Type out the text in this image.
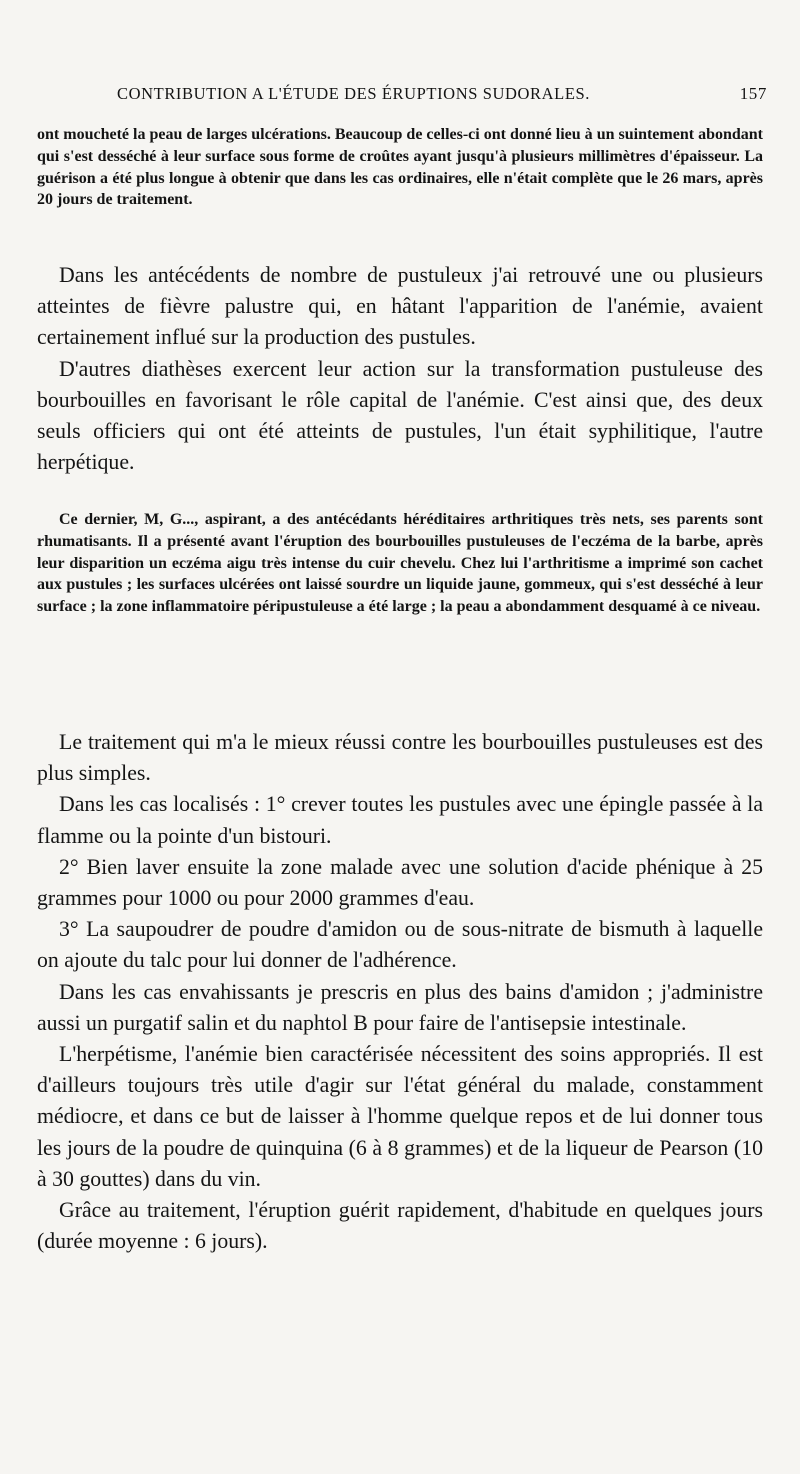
CONTRIBUTION A L'ÉTUDE DES ÉRUPTIONS SUDORALES.	157

ont moucheté la peau de larges ulcérations. Beaucoup de celles-ci ont donné lieu à un suintement abondant qui s'est desséché à leur surface sous forme de croûtes ayant jusqu'à plusieurs millimètres d'épaisseur. La guérison a été plus longue à obtenir que dans les cas ordinaires, elle n'était complète que le 26 mars, après 20 jours de traitement.

Dans les antécédents de nombre de pustuleux j'ai retrouvé une ou plusieurs atteintes de fièvre palustre qui, en hâtant l'apparition de l'anémie, avaient certainement influé sur la production des pustules.

D'autres diathèses exercent leur action sur la transformation pustuleuse des bourbouilles en favorisant le rôle capital de l'anémie. C'est ainsi que, des deux seuls officiers qui ont été atteints de pustules, l'un était syphilitique, l'autre herpétique.

Ce dernier, M, G..., aspirant, a des antécédants héréditaires arthritiques très nets, ses parents sont rhumatisants. Il a présenté avant l'éruption des bourbouilles pustuleuses de l'eczéma de la barbe, après leur disparition un eczéma aigu très intense du cuir chevelu. Chez lui l'arthritisme a imprimé son cachet aux pustules ; les surfaces ulcérées ont laissé sourdre un liquide jaune, gommeux, qui s'est desséché à leur surface ; la zone inflammatoire péripustuleuse a été large ; la peau a abondamment desquamé à ce niveau.

Le traitement qui m'a le mieux réussi contre les bourbouilles pustuleuses est des plus simples.

Dans les cas localisés : 1° crever toutes les pustules avec une épingle passée à la flamme ou la pointe d'un bistouri.

2° Bien laver ensuite la zone malade avec une solution d'acide phénique à 25 grammes pour 1000 ou pour 2000 grammes d'eau.

3° La saupoudrer de poudre d'amidon ou de sous-nitrate de bismuth à laquelle on ajoute du talc pour lui donner de l'adhérence.

Dans les cas envahissants je prescris en plus des bains d'amidon ; j'administre aussi un purgatif salin et du naphtol B pour faire de l'antisepsie intestinale.

L'herpétisme, l'anémie bien caractérisée nécessitent des soins appropriés. Il est d'ailleurs toujours très utile d'agir sur l'état général du malade, constamment médiocre, et dans ce but de laisser à l'homme quelque repos et de lui donner tous les jours de la poudre de quinquina (6 à 8 grammes) et de la liqueur de Pearson (10 à 30 gouttes) dans du vin.

Grâce au traitement, l'éruption guérit rapidement, d'habitude en quelques jours (durée moyenne : 6 jours).
